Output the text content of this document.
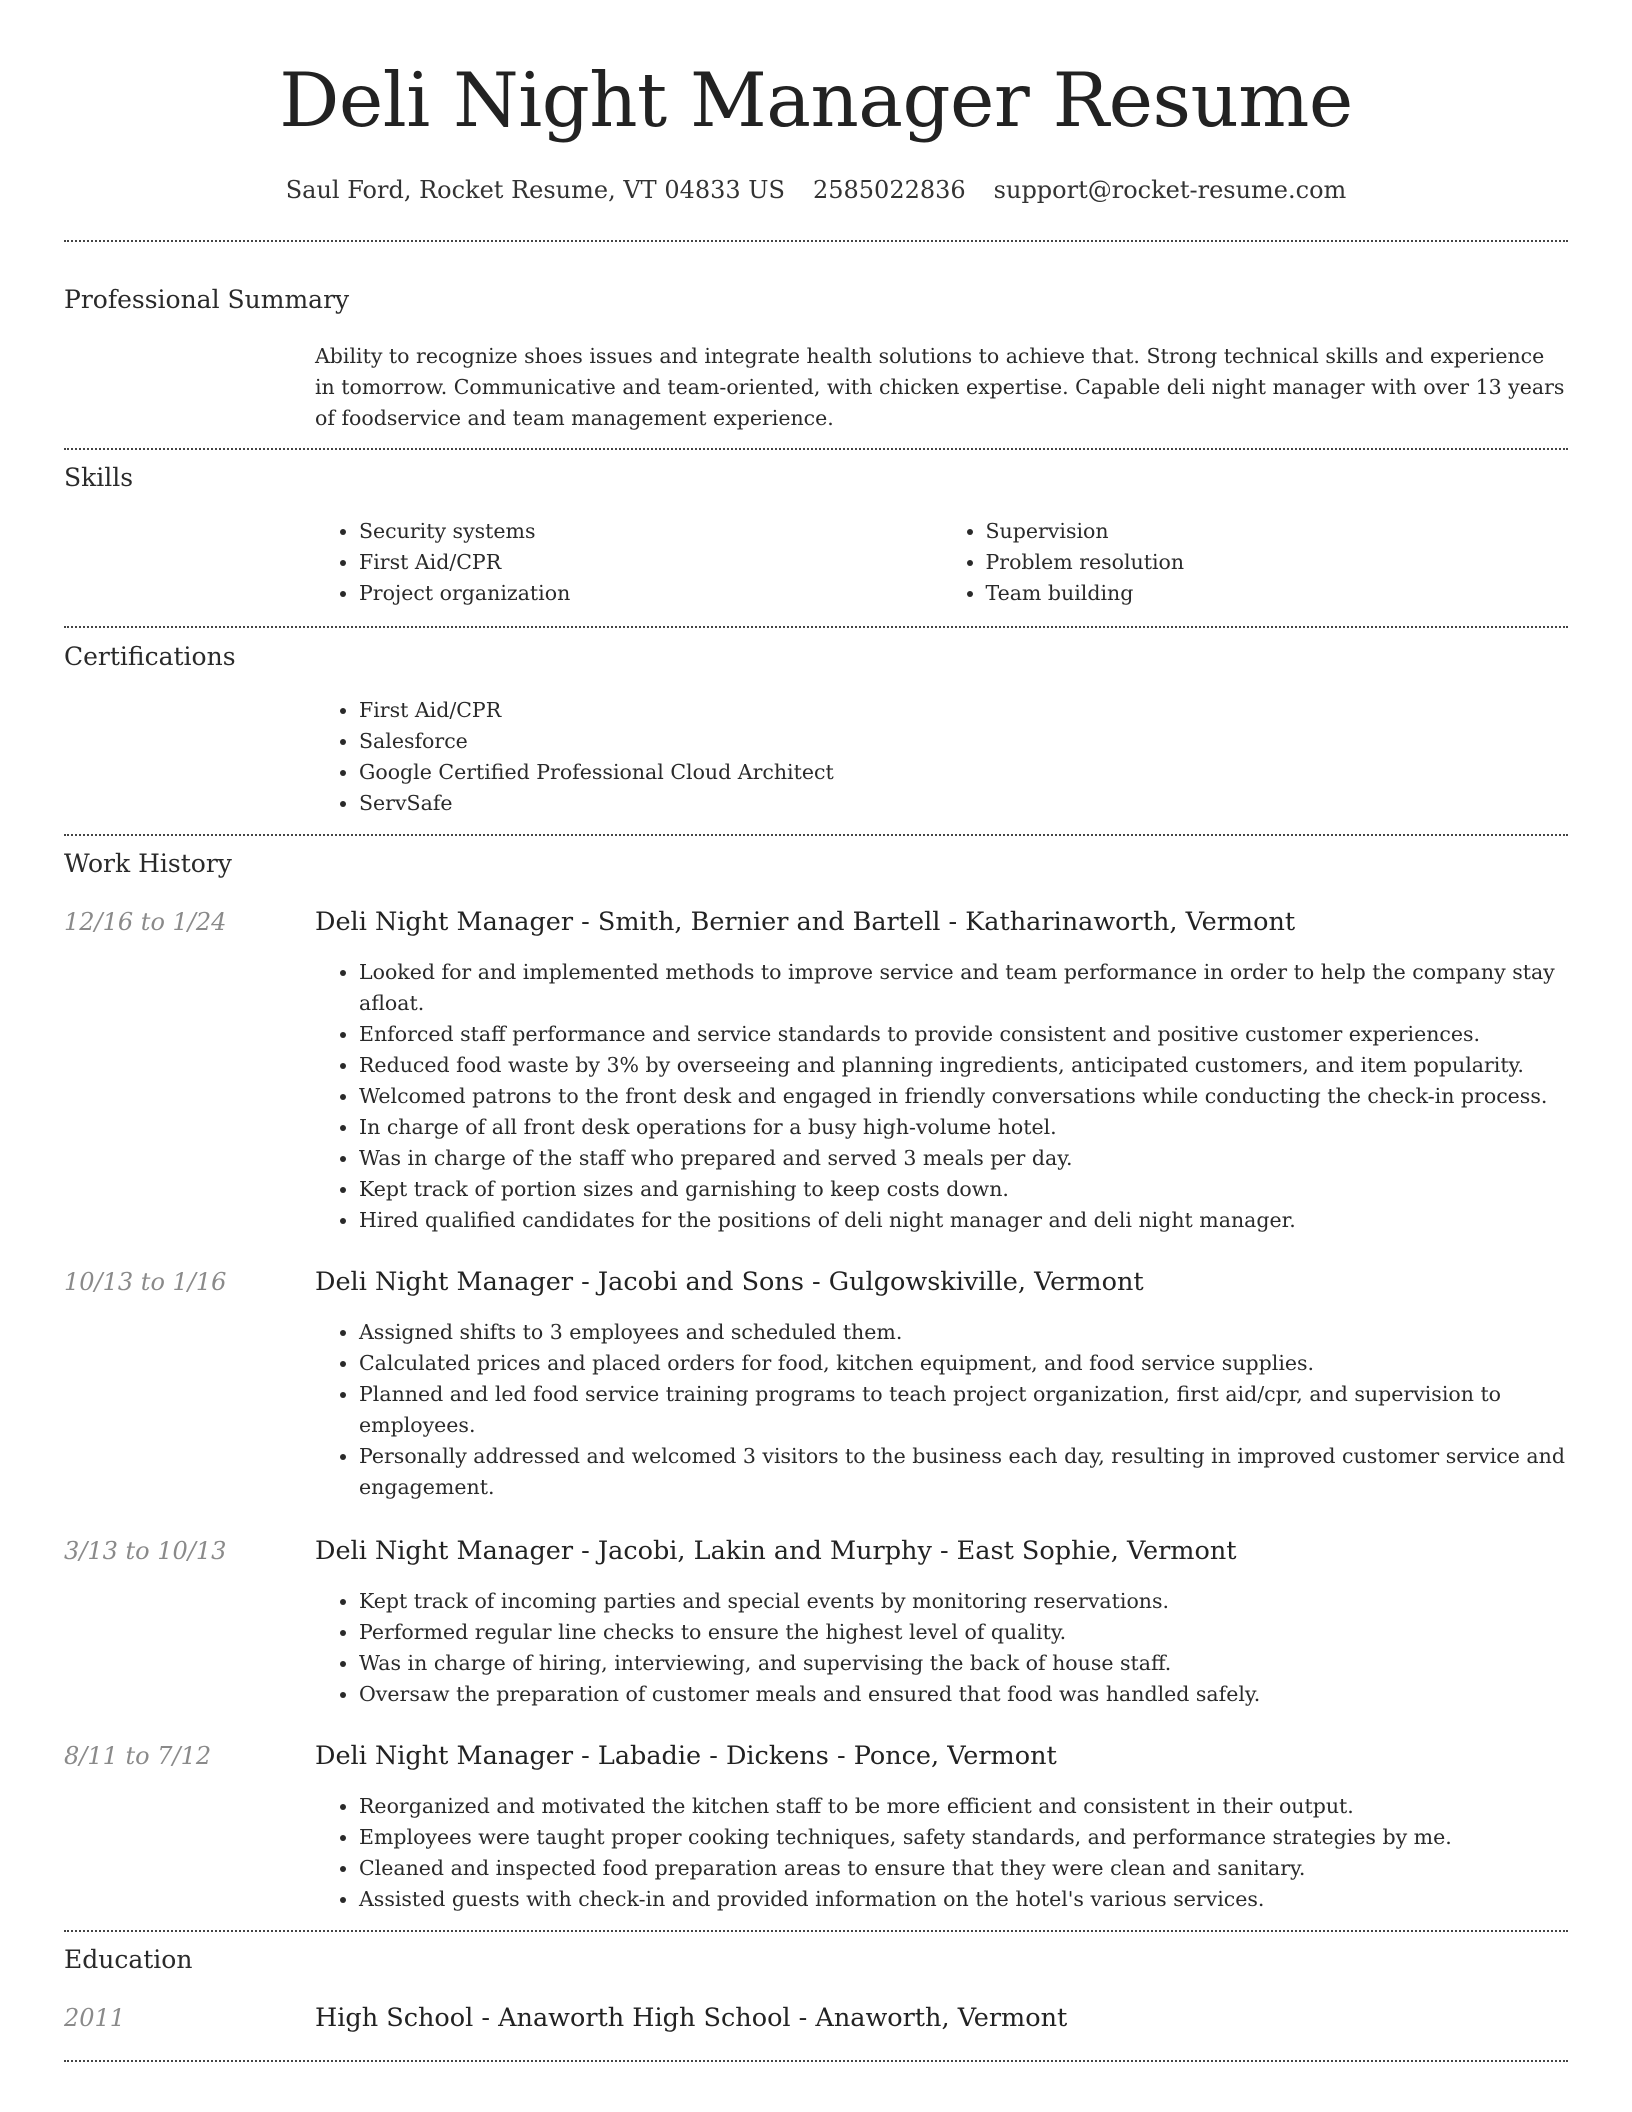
Deli Night Manager Resume
Saul Ford, Rocket Resume, VT 04833 US 2585022836 support@rocket-resume.com
Professional Summary

Ability to recognize shoes issues and integrate health solutions to achieve that. Strong technical skills and experience in tomorrow. Communicative and team-oriented, with chicken expertise. Capable deli night manager with over 13 years of foodservice and team management experience.

Skills
• Security systems
• First Aid/CPR
• Project organization
• Supervision
• Problem resolution
• Team building
Certifications
• First Aid/CPR
• Salesforce
• Google Certified Professional Cloud Architect
• ServSafe
Work History
12/16 to 1/24	Deli Night Manager - Smith, Bernier and Bartell - Katharinaworth, Vermont
• Looked for and implemented methods to improve service and team performance in order to help the company stay afloat.
• Enforced staff performance and service standards to provide consistent and positive customer experiences.
• Reduced food waste by 3% by overseeing and planning ingredients, anticipated customers, and item popularity.
• Welcomed patrons to the front desk and engaged in friendly conversations while conducting the check-in process.
• In charge of all front desk operations for a busy high-volume hotel.
• Was in charge of the staff who prepared and served 3 meals per day.
• Kept track of portion sizes and garnishing to keep costs down.
• Hired qualified candidates for the positions of deli night manager and deli night manager.
10/13 to 1/16	Deli Night Manager - Jacobi and Sons - Gulgowskiville, Vermont
• Assigned shifts to 3 employees and scheduled them.
• Calculated prices and placed orders for food, kitchen equipment, and food service supplies.
• Planned and led food service training programs to teach project organization, first aid/cpr, and supervision to employees.
• Personally addressed and welcomed 3 visitors to the business each day, resulting in improved customer service and engagement.
3/13 to 10/13	Deli Night Manager - Jacobi, Lakin and Murphy - East Sophie, Vermont
• Kept track of incoming parties and special events by monitoring reservations.
• Performed regular line checks to ensure the highest level of quality.
• Was in charge of hiring, interviewing, and supervising the back of house staff.
• Oversaw the preparation of customer meals and ensured that food was handled safely.
8/11 to 7/12	Deli Night Manager - Labadie - Dickens - Ponce, Vermont
• Reorganized and motivated the kitchen staff to be more efficient and consistent in their output.
• Employees were taught proper cooking techniques, safety standards, and performance strategies by me.
• Cleaned and inspected food preparation areas to ensure that they were clean and sanitary.
• Assisted guests with check-in and provided information on the hotel's various services.
Education
2011	High School - Anaworth High School - Anaworth, Vermont
